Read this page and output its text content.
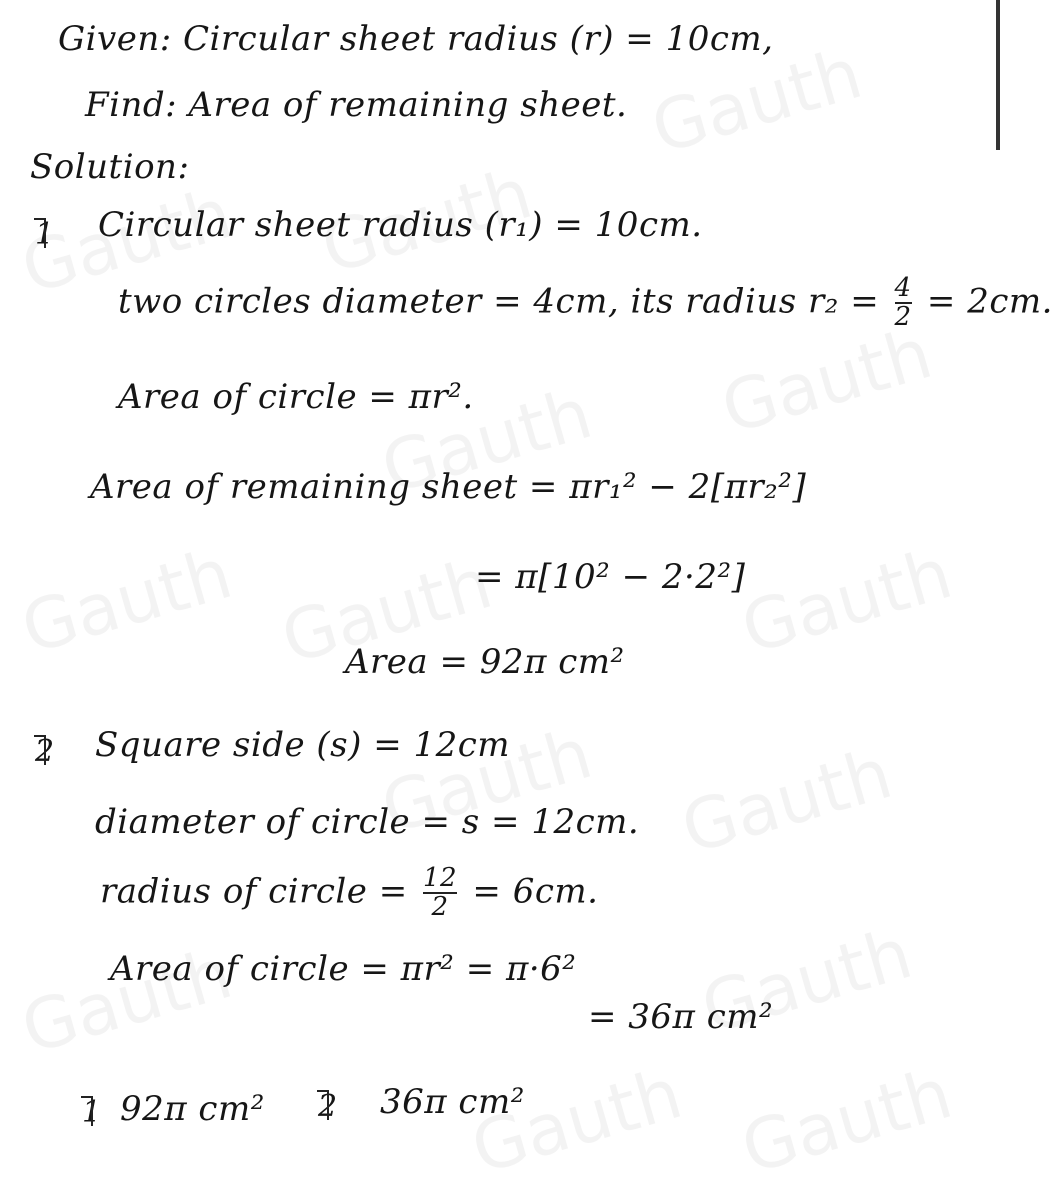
Given: Circular sheet radius (r) = 10cm,
Find: Area of remaining sheet.
Solution:
1 Circular sheet radius (r₁) = 10cm.
two circles diameter = 4cm, its radius $r_2 = \frac{4}{2} = 2cm$.
Area of circle = πr².
Area of remaining sheet = πr₁² − 2[πr₂²]
= π[10² − 2·2²]
Area = 92π cm²
2 Square side (s) = 12cm
diameter of circle = s = 12cm.
radius of circle = $\frac{12}{2} = 6cm$.
Area of circle = πr² = π·6²
= 36π cm²
1 92π cm² 2 36π cm²
